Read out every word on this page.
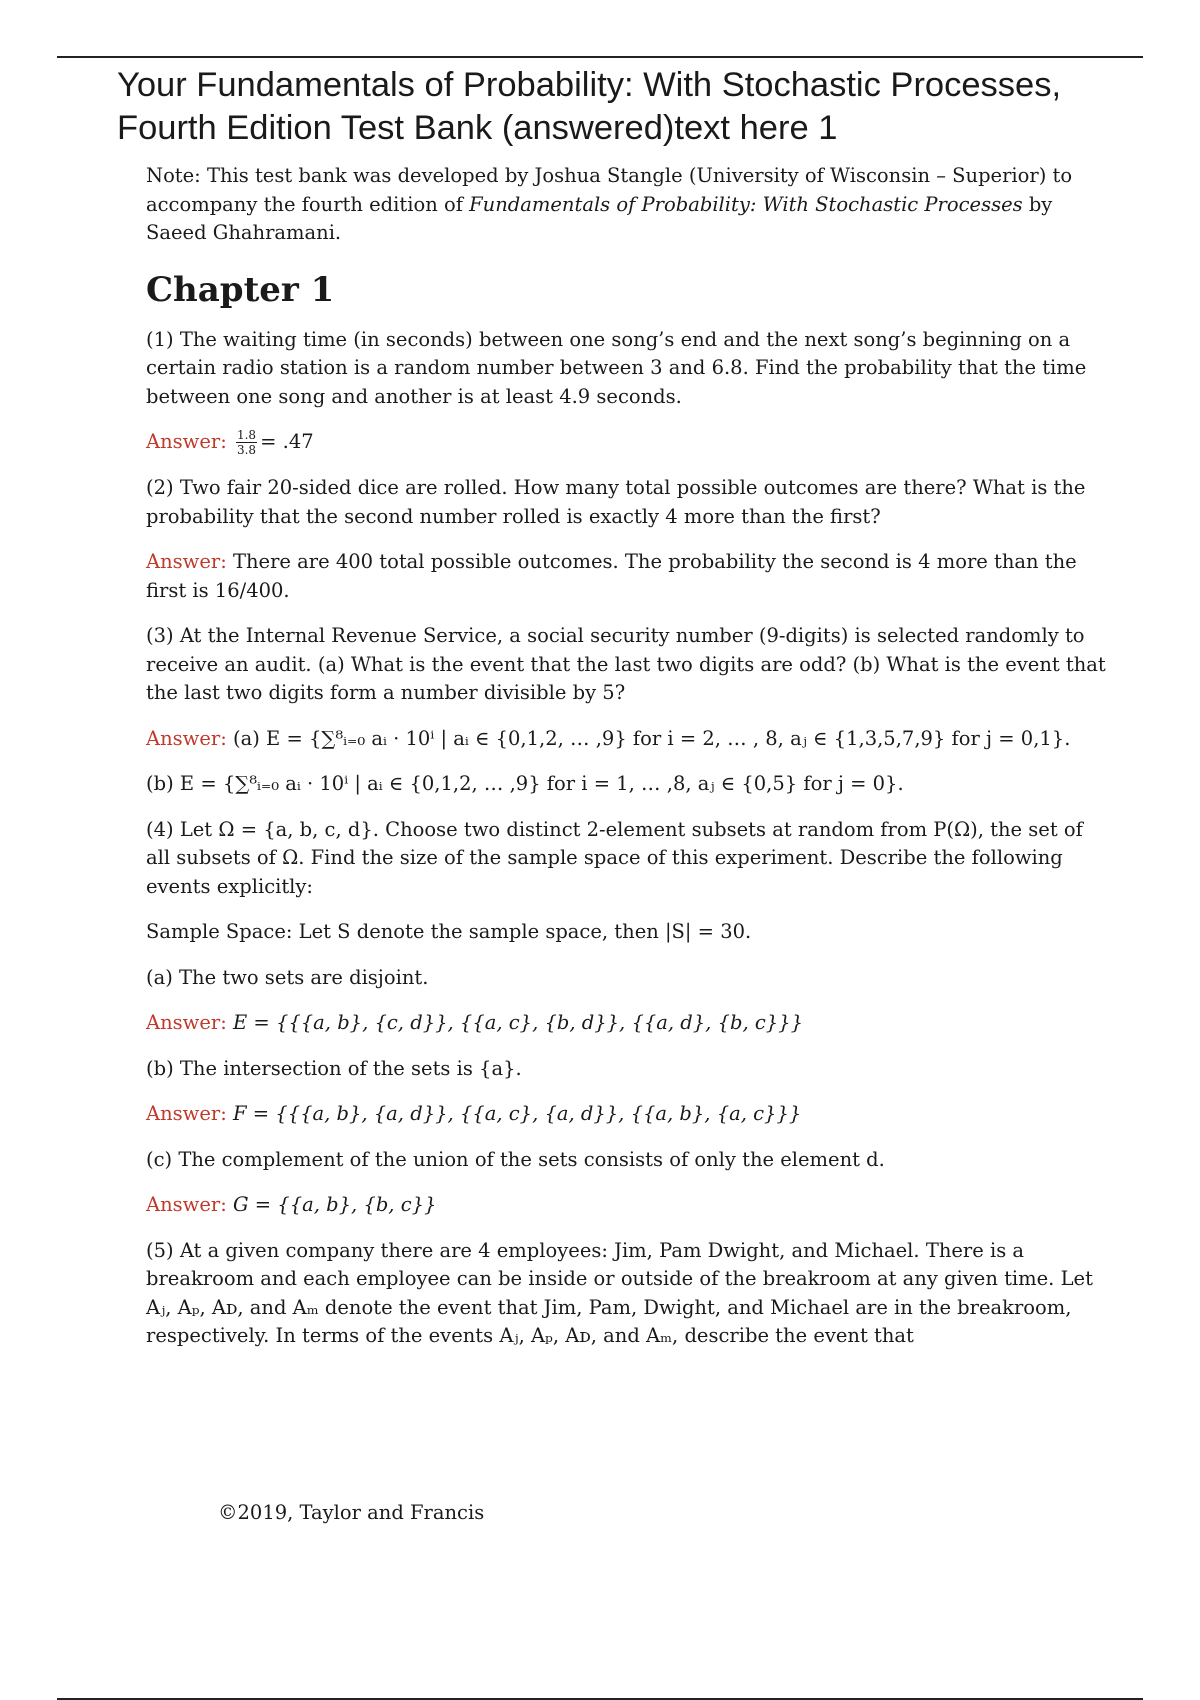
Your Fundamentals of Probability: With Stochastic Processes, Fourth Edition Test Bank (answered)text here 1

Note: This test bank was developed by Joshua Stangle (University of Wisconsin – Superior) to accompany the fourth edition of Fundamentals of Probability: With Stochastic Processes by Saeed Ghahramani.

Chapter 1

(1) The waiting time (in seconds) between one song’s end and the next song’s beginning on a certain radio station is a random number between 3 and 6.8. Find the probability that the time between one song and another is at least 4.9 seconds.

Answer: $\frac{1.8}{3.8} = .47$

(2) Two fair 20-sided dice are rolled. How many total possible outcomes are there? What is the probability that the second number rolled is exactly 4 more than the first?

Answer: There are 400 total possible outcomes. The probability the second is 4 more than the first is 16/400.

(3) At the Internal Revenue Service, a social security number (9-digits) is selected randomly to receive an audit. (a) What is the event that the last two digits are odd? (b) What is the event that the last two digits form a number divisible by 5?

Answer: (a) E = {∑⁸ᵢ₌₀ aᵢ · 10ⁱ | aᵢ ∈ {0,1,2, … ,9} for i = 2, … , 8, aⱼ ∈ {1,3,5,7,9} for j = 0,1}.

(b) E = {∑⁸ᵢ₌₀ aᵢ · 10ⁱ | aᵢ ∈ {0,1,2, … ,9} for i = 1, … ,8, aⱼ ∈ {0,5} for j = 0}.

(4) Let Ω = {a, b, c, d}. Choose two distinct 2-element subsets at random from P(Ω), the set of all subsets of Ω. Find the size of the sample space of this experiment. Describe the following events explicitly:

Sample Space: Let S denote the sample space, then |S| = 30.

(a) The two sets are disjoint.

Answer: E = {{{a, b}, {c, d}}, {{a, c}, {b, d}}, {{a, d}, {b, c}}}

(b) The intersection of the sets is {a}.

Answer: F = {{{a, b}, {a, d}}, {{a, c}, {a, d}}, {{a, b}, {a, c}}}

(c) The complement of the union of the sets consists of only the element d.

Answer: G = {{a, b}, {b, c}}

(5) At a given company there are 4 employees: Jim, Pam Dwight, and Michael. There is a breakroom and each employee can be inside or outside of the breakroom at any given time. Let Aⱼ, Aₚ, Aᴅ, and Aₘ denote the event that Jim, Pam, Dwight, and Michael are in the breakroom, respectively. In terms of the events Aⱼ, Aₚ, Aᴅ, and Aₘ, describe the event that

©2019, Taylor and Francis
